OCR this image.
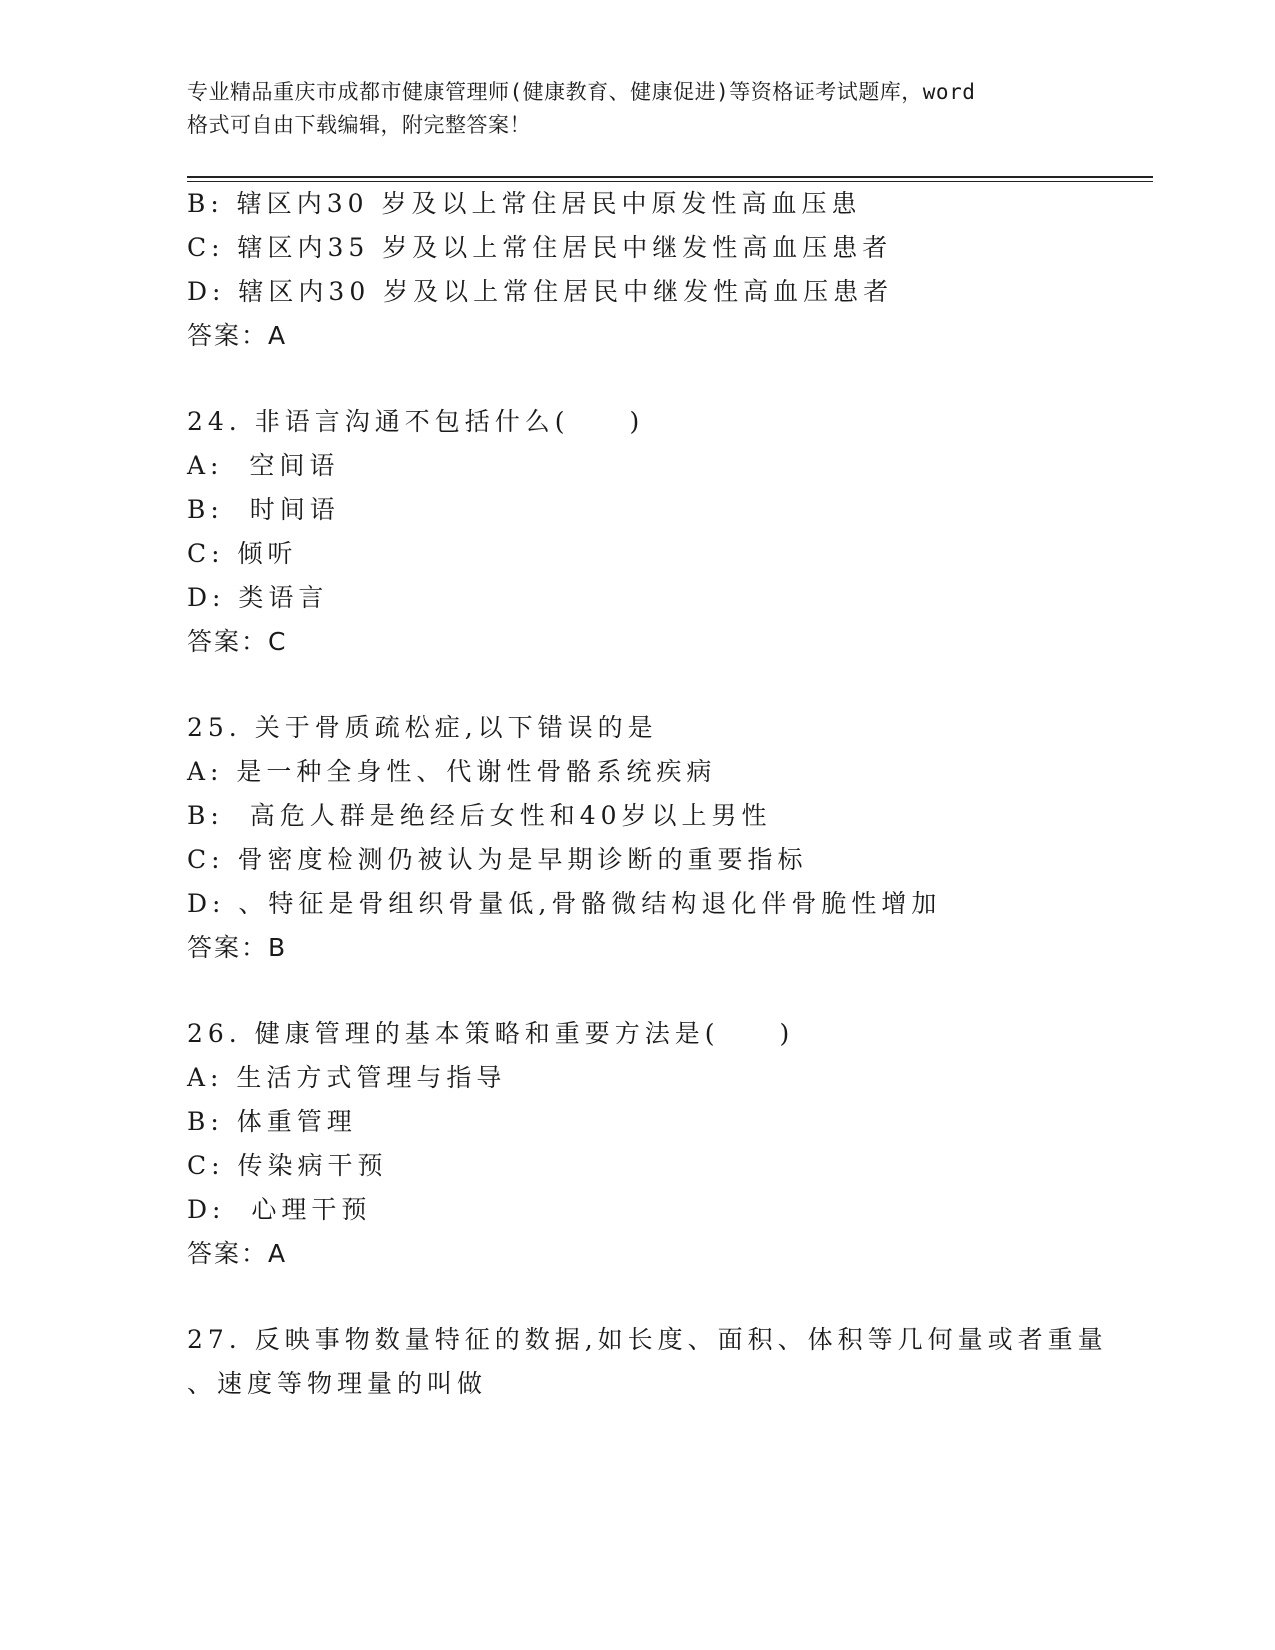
专业精品重庆市成都市健康管理师(健康教育、健康促进)等资格证考试题库，word
格式可自由下载编辑，附完整答案！
B: 辖区内30 岁及以上常住居民中原发性高血压患
C: 辖区内35 岁及以上常住居民中继发性高血压患者
D: 辖区内30 岁及以上常住居民中继发性高血压患者
答案：A
24. 非语言沟通不包括什么(　　)
A:  空间语
B:  时间语
C: 倾听
D: 类语言
答案：C
25. 关于骨质疏松症,以下错误的是
A: 是一种全身性、代谢性骨骼系统疾病
B:  高危人群是绝经后女性和40岁以上男性
C: 骨密度检测仍被认为是早期诊断的重要指标
D: 、特征是骨组织骨量低,骨骼微结构退化伴骨脆性增加
答案：B
26. 健康管理的基本策略和重要方法是(　　)
A: 生活方式管理与指导
B: 体重管理
C: 传染病干预
D:  心理干预
答案：A
27. 反映事物数量特征的数据,如长度、面积、体积等几何量或者重量
、速度等物理量的叫做
